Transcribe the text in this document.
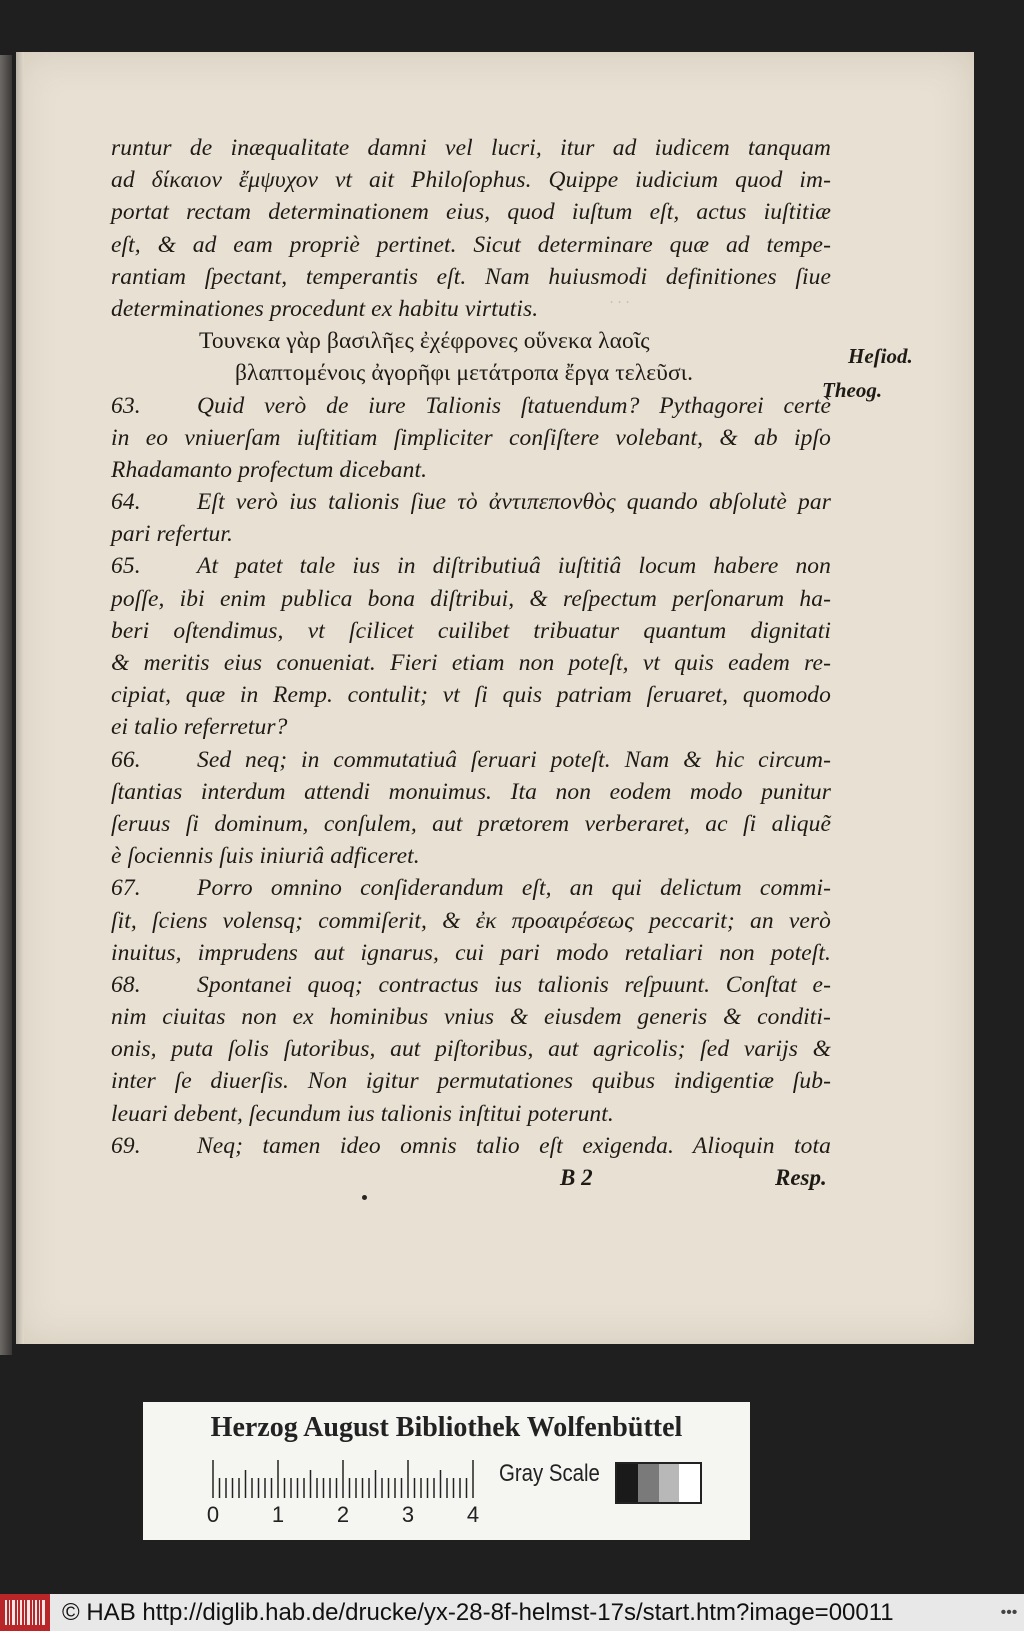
. . .
runtur de inæqualitate damni vel lucri, itur ad iudicem tanquam
ad δίκαιον ἔμψυχον vt ait Philoſophus. Quippe iudicium quod im-
portat rectam determinationem eius, quod iuſtum eſt, actus iuſtitiæ
eſt, & ad eam propriè pertinet. Sicut determinare quæ ad tempe-
rantiam ſpectant, temperantis eſt. Nam huiusmodi definitiones ſiue
determinationes procedunt ex habitu virtutis.
Τουνεκα γὰρ βασιλῆες ἐχέφρονες οὕνεκα λαοῖς
βλαπτομένοις ἀγορῆφι μετάτροπα ἔργα τελεῦσι.
63. Quid verò de iure Talionis ſtatuendum? Pythagorei certè
in eo vniuerſam iuſtitiam ſimpliciter conſiſtere volebant, & ab ipſo
Rhadamanto profectum dicebant.
64. Eſt verò ius talionis ſiue τὸ ἀντιπεπονθὸς quando abſolutè par
pari refertur.
65. At patet tale ius in diſtributiuâ iuſtitiâ locum habere non
poſſe, ibi enim publica bona diſtribui, & reſpectum perſonarum ha-
beri oſtendimus, vt ſcilicet cuilibet tribuatur quantum dignitati
& meritis eius conueniat. Fieri etiam non poteſt, vt quis eadem re-
cipiat, quæ in Remp. contulit; vt ſi quis patriam ſeruaret, quomodo
ei talio referretur?
66. Sed neq; in commutatiuâ ſeruari poteſt. Nam & hic circum-
ſtantias interdum attendi monuimus. Ita non eodem modo punitur
ſeruus ſi dominum, conſulem, aut prætorem verberaret, ac ſi aliquẽ
è ſociennis ſuis iniuriâ adficeret.
67. Porro omnino conſiderandum eſt, an qui delictum commi-
ſit, ſciens volensq; commiſerit, & ἐκ προαιρέσεως peccarit; an verò
inuitus, imprudens aut ignarus, cui pari modo retaliari non poteſt.
68. Spontanei quoq; contractus ius talionis reſpuunt. Conſtat e-
nim ciuitas non ex hominibus vnius & eiusdem generis & conditi-
onis, puta ſolis ſutoribus, aut piſtoribus, aut agricolis; ſed varijs &
inter ſe diuerſis. Non igitur permutationes quibus indigentiæ ſub-
leuari debent, ſecundum ius talionis inſtitui poterunt.
69. Neq; tamen ideo omnis talio eſt exigenda. Alioquin tota
Heſiod.
Theog.
B 2	Resp.
Herzog August Bibliothek Wolfenbüttel
0 1 2 3 4
Gray Scale
© HAB http://diglib.hab.de/drucke/yx-28-8f-helmst-17s/start.htm?image=00011	•••
